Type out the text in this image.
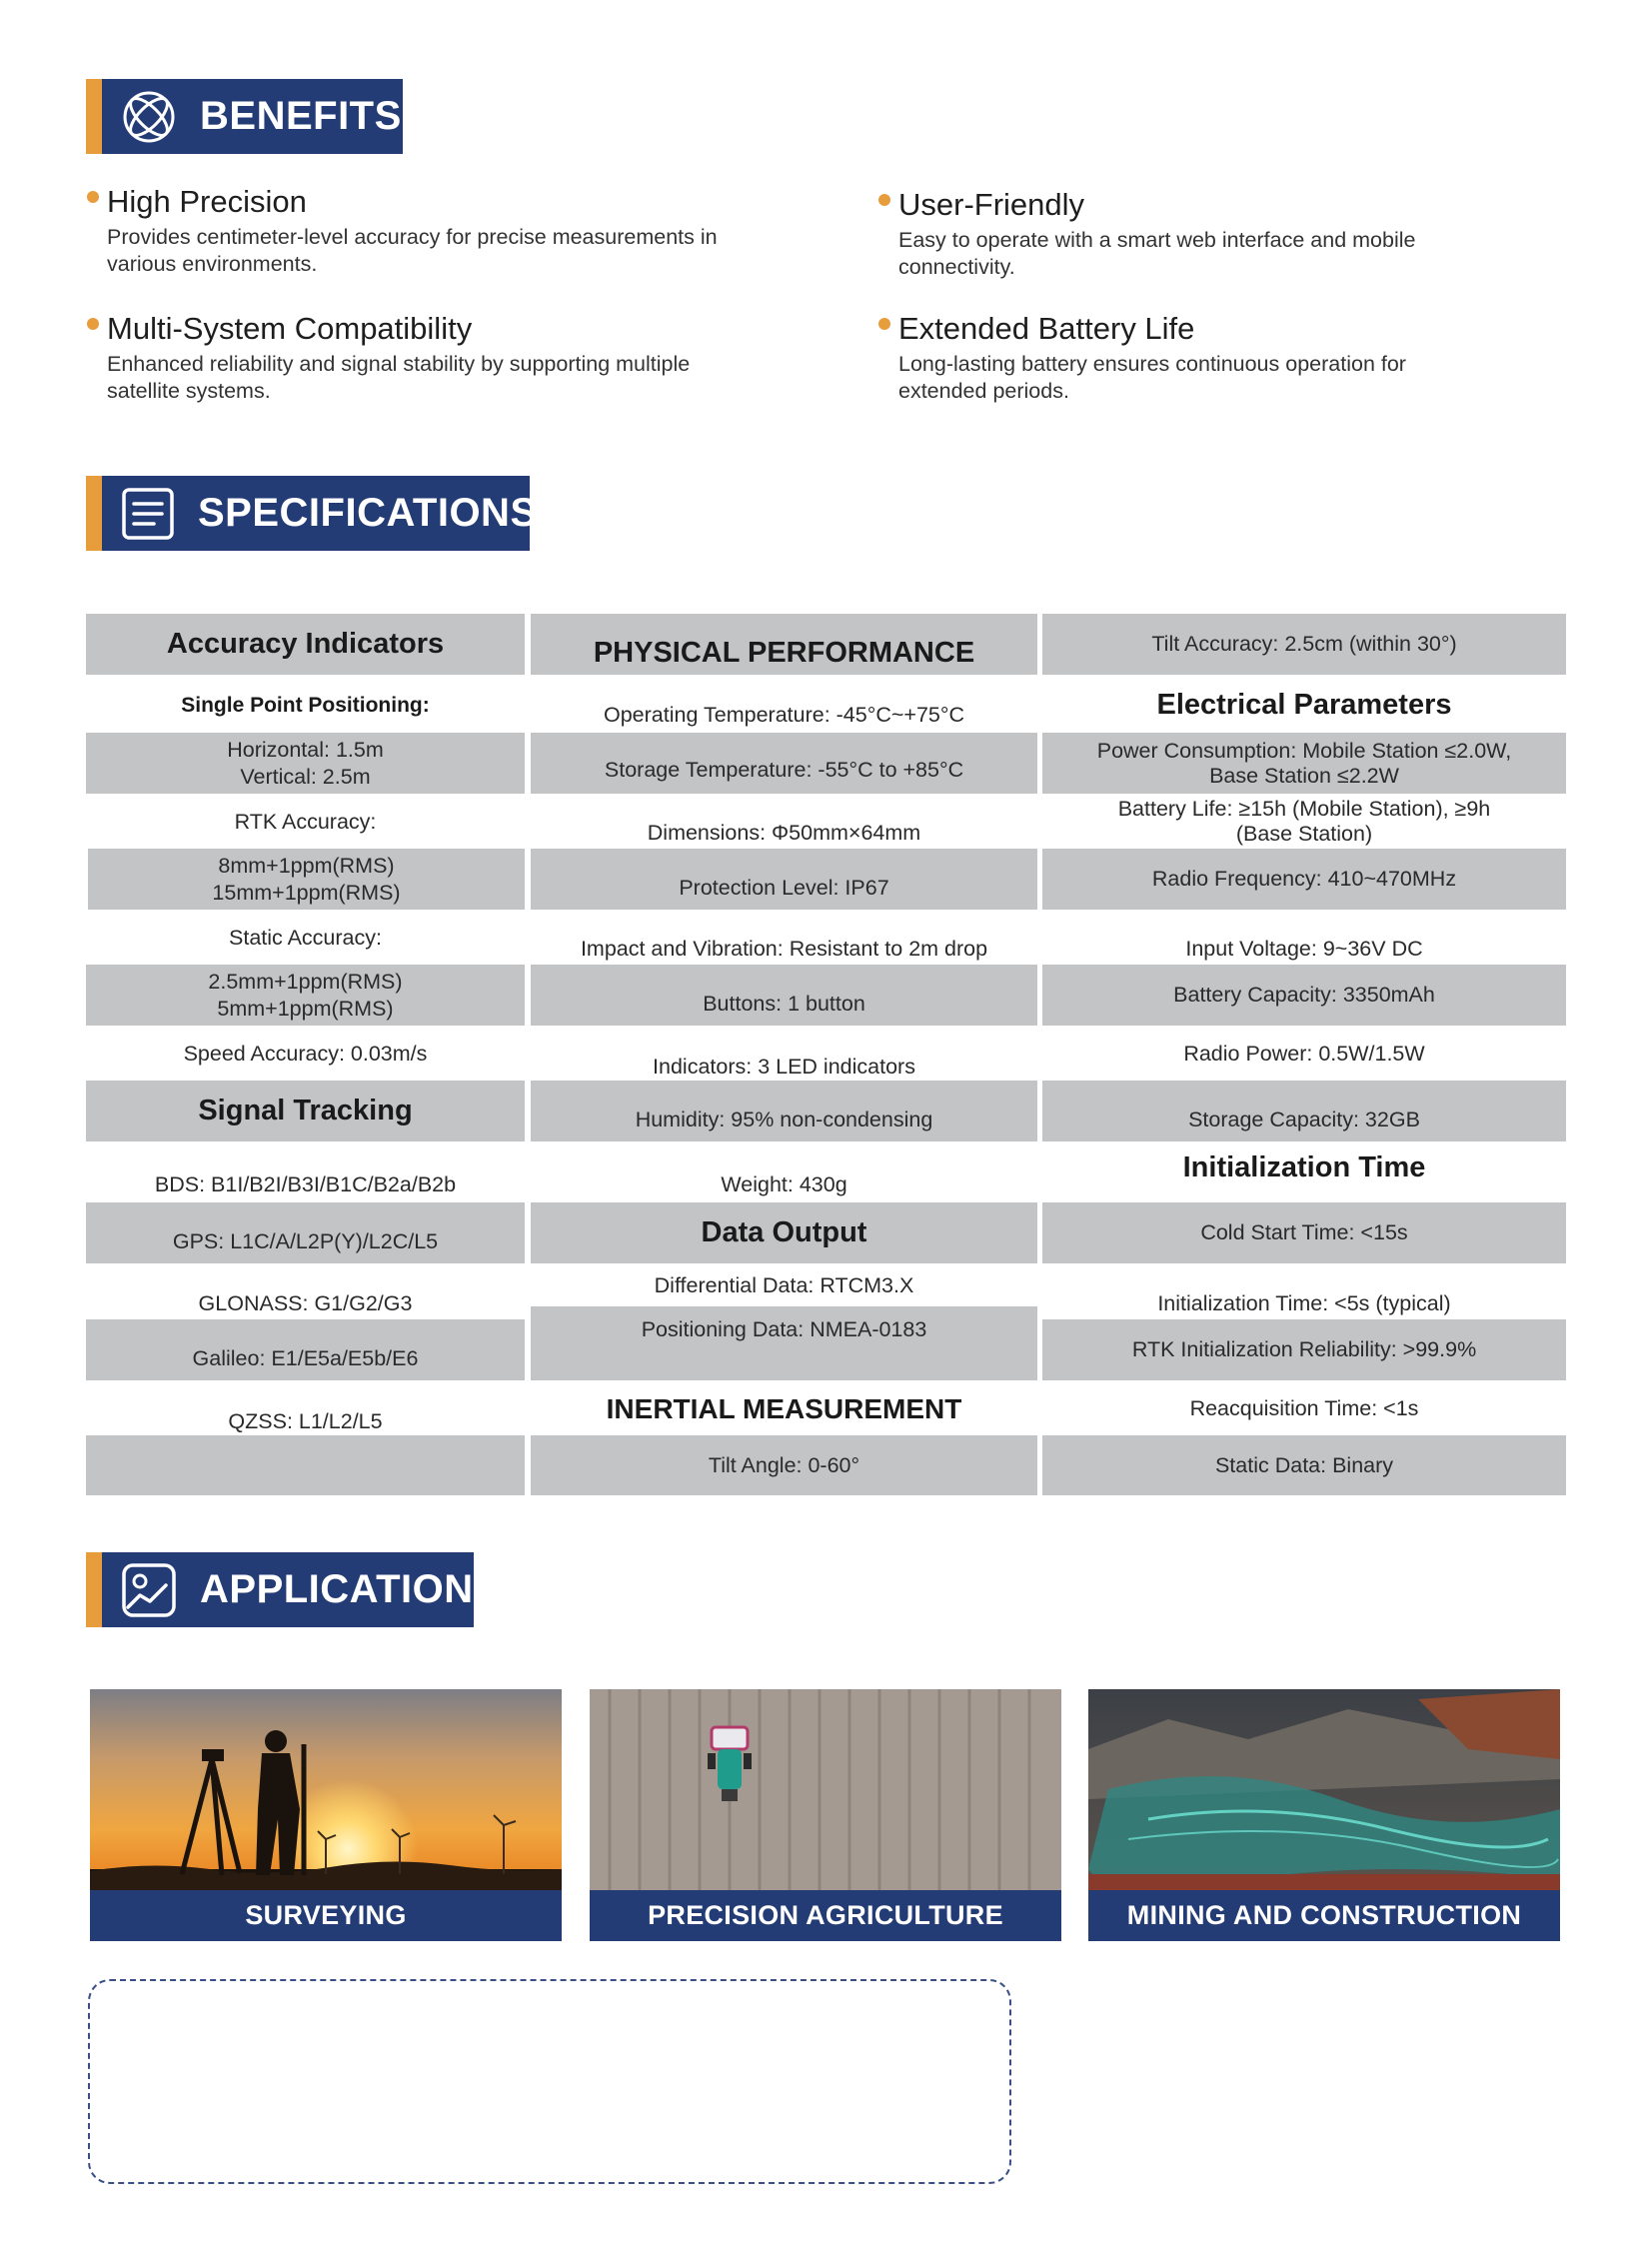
BENEFITS
High Precision
Provides centimeter-level accuracy for precise measurements in various environments.
User-Friendly
Easy to operate with a smart web interface and mobile connectivity.
Multi-System Compatibility
Enhanced reliability and signal stability by supporting multiple satellite systems.
Extended Battery Life
Long-lasting battery ensures continuous operation for extended periods.
SPECIFICATIONS
Accuracy Indicators
Single Point Positioning:
Horizontal: 1.5m
Vertical: 2.5m
RTK Accuracy:
8mm+1ppm(RMS)
15mm+1ppm(RMS)
Static Accuracy:
2.5mm+1ppm(RMS)
5mm+1ppm(RMS)
Speed Accuracy: 0.03m/s
Signal Tracking
BDS: B1I/B2I/B3I/B1C/B2a/B2b
GPS: L1C/A/L2P(Y)/L2C/L5
GLONASS: G1/G2/G3
Galileo: E1/E5a/E5b/E6
QZSS: L1/L2/L5
PHYSICAL PERFORMANCE
Operating Temperature: -45°C~+75°C
Storage Temperature: -55°C to +85°C
Dimensions: Φ50mm×64mm
Protection Level: IP67
Impact and Vibration: Resistant to 2m drop
Buttons: 1 button
Indicators: 3 LED indicators
Humidity: 95% non-condensing
Weight: 430g
Data Output
Differential Data: RTCM3.X
Positioning Data: NMEA-0183
INERTIAL MEASUREMENT
Tilt Angle: 0-60°
Tilt Accuracy: 2.5cm (within 30°)
Electrical Parameters
Power Consumption: Mobile Station ≤2.0W, Base Station ≤2.2W
Battery Life: ≥15h (Mobile Station), ≥9h (Base Station)
Radio Frequency: 410~470MHz
Input Voltage: 9~36V DC
Battery Capacity: 3350mAh
Radio Power: 0.5W/1.5W
Storage Capacity: 32GB
Initialization Time
Cold Start Time: <15s
Initialization Time: <5s (typical)
RTK Initialization Reliability: >99.9%
Reacquisition Time: <1s
Static Data: Binary
APPLICATION
SURVEYING	PRECISION AGRICULTURE	MINING AND CONSTRUCTION
